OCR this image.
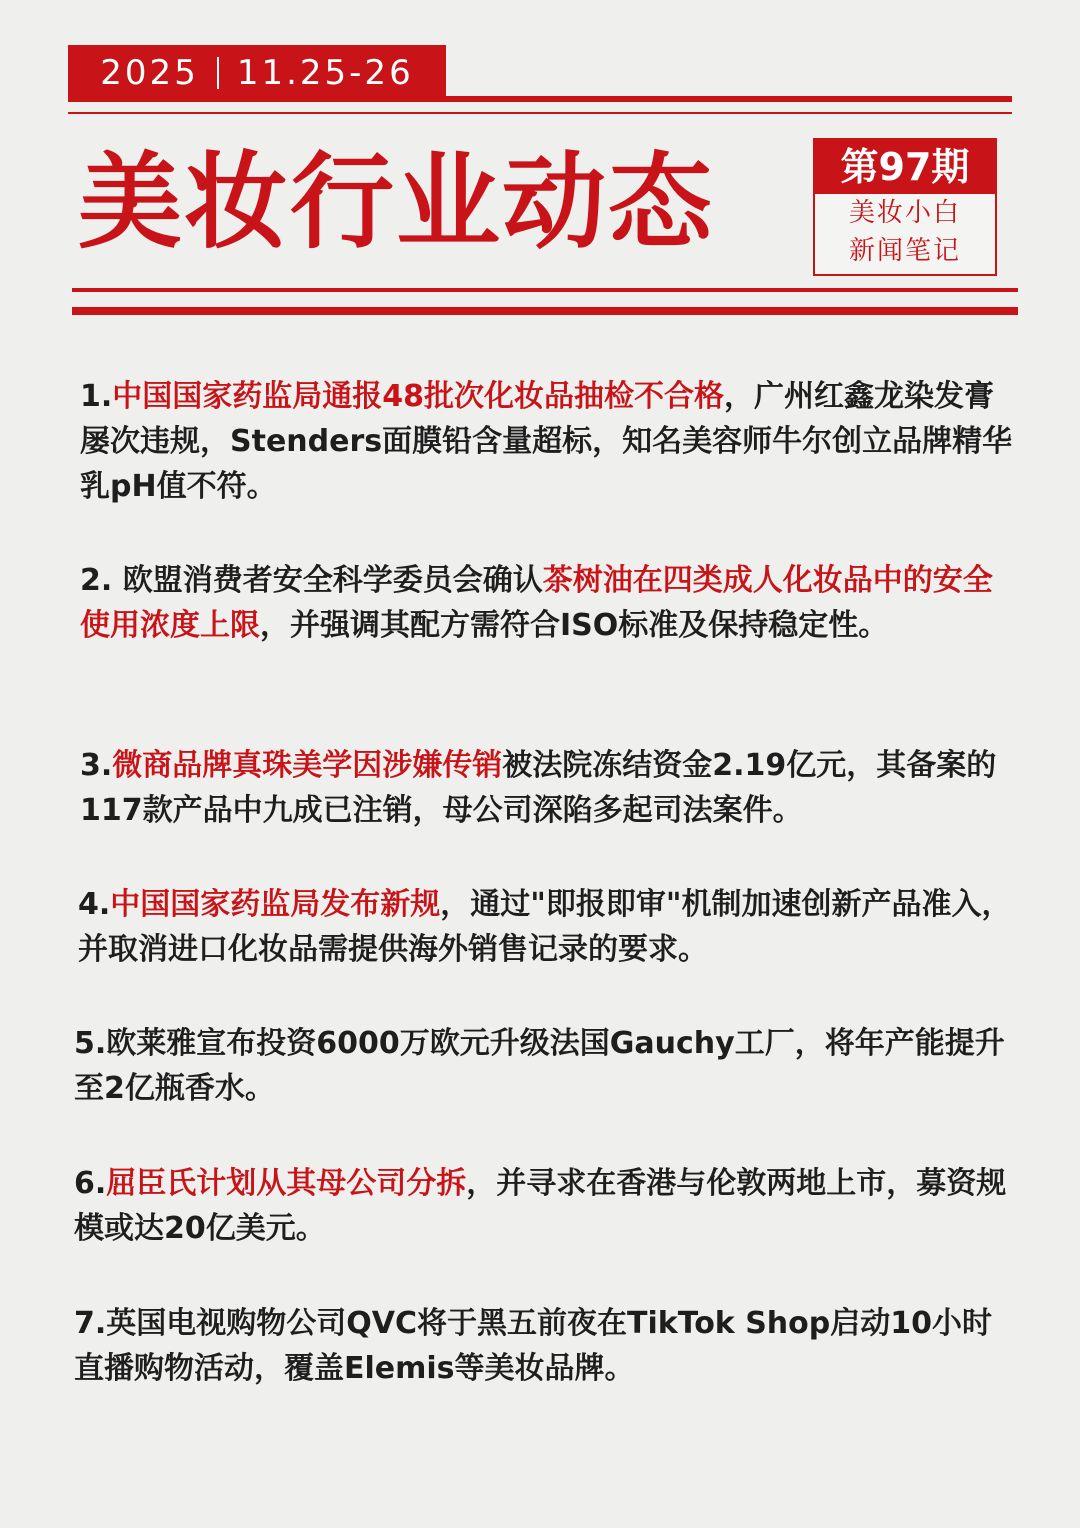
2025 11.25-26
美妆行业动态	第97期
美妆小白
新闻笔记
1.中国国家药监局通报48批次化妆品抽检不合格，广州红鑫龙染发膏屡次违规，Stenders面膜铅含量超标，知名美容师牛尔创立品牌精华乳pH值不符。
2. 欧盟消费者安全科学委员会确认茶树油在四类成人化妆品中的安全使用浓度上限，并强调其配方需符合ISO标准及保持稳定性。
3.微商品牌真珠美学因涉嫌传销被法院冻结资金2.19亿元，其备案的117款产品中九成已注销，母公司深陷多起司法案件。
4.中国国家药监局发布新规，通过"即报即审"机制加速创新产品准入，并取消进口化妆品需提供海外销售记录的要求。
5.欧莱雅宣布投资6000万欧元升级法国Gauchy工厂，将年产能提升至2亿瓶香水。
6.屈臣氏计划从其母公司分拆，并寻求在香港与伦敦两地上市，募资规模或达20亿美元。
7.英国电视购物公司QVC将于黑五前夜在TikTok Shop启动10小时直播购物活动，覆盖Elemis等美妆品牌。
